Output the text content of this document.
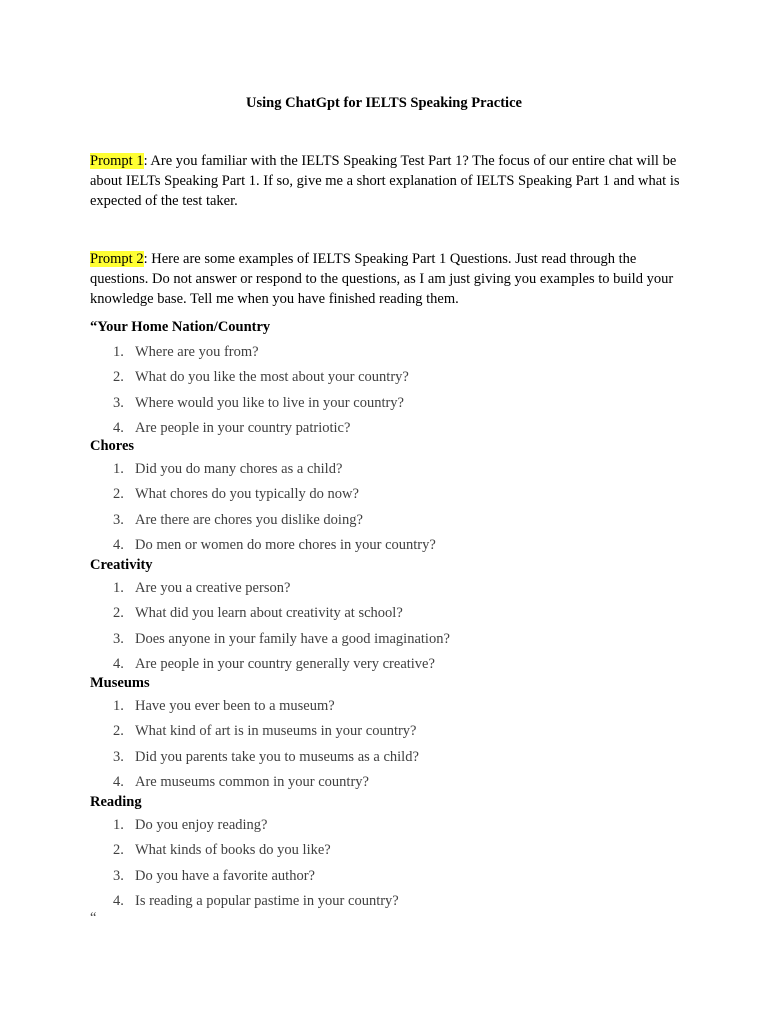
Using ChatGpt for IELTS Speaking Practice
Prompt 1: Are you familiar with the IELTS Speaking Test Part 1? The focus of our entire chat will be about IELTs Speaking Part 1. If so, give me a short explanation of IELTS Speaking Part 1 and what is expected of the test taker.
Prompt 2: Here are some examples of IELTS Speaking Part 1 Questions. Just read through the questions. Do not answer or respond to the questions, as I am just giving you examples to build your knowledge base. Tell me when you have finished reading them.
“Your Home Nation/Country
1. Where are you from?
2. What do you like the most about your country?
3. Where would you like to live in your country?
4. Are people in your country patriotic?
Chores
1. Did you do many chores as a child?
2. What chores do you typically do now?
3. Are there are chores you dislike doing?
4. Do men or women do more chores in your country?
Creativity
1. Are you a creative person?
2. What did you learn about creativity at school?
3. Does anyone in your family have a good imagination?
4. Are people in your country generally very creative?
Museums
1. Have you ever been to a museum?
2. What kind of art is in museums in your country?
3. Did you parents take you to museums as a child?
4. Are museums common in your country?
Reading
1. Do you enjoy reading?
2. What kinds of books do you like?
3. Do you have a favorite author?
4. Is reading a popular pastime in your country?
“
